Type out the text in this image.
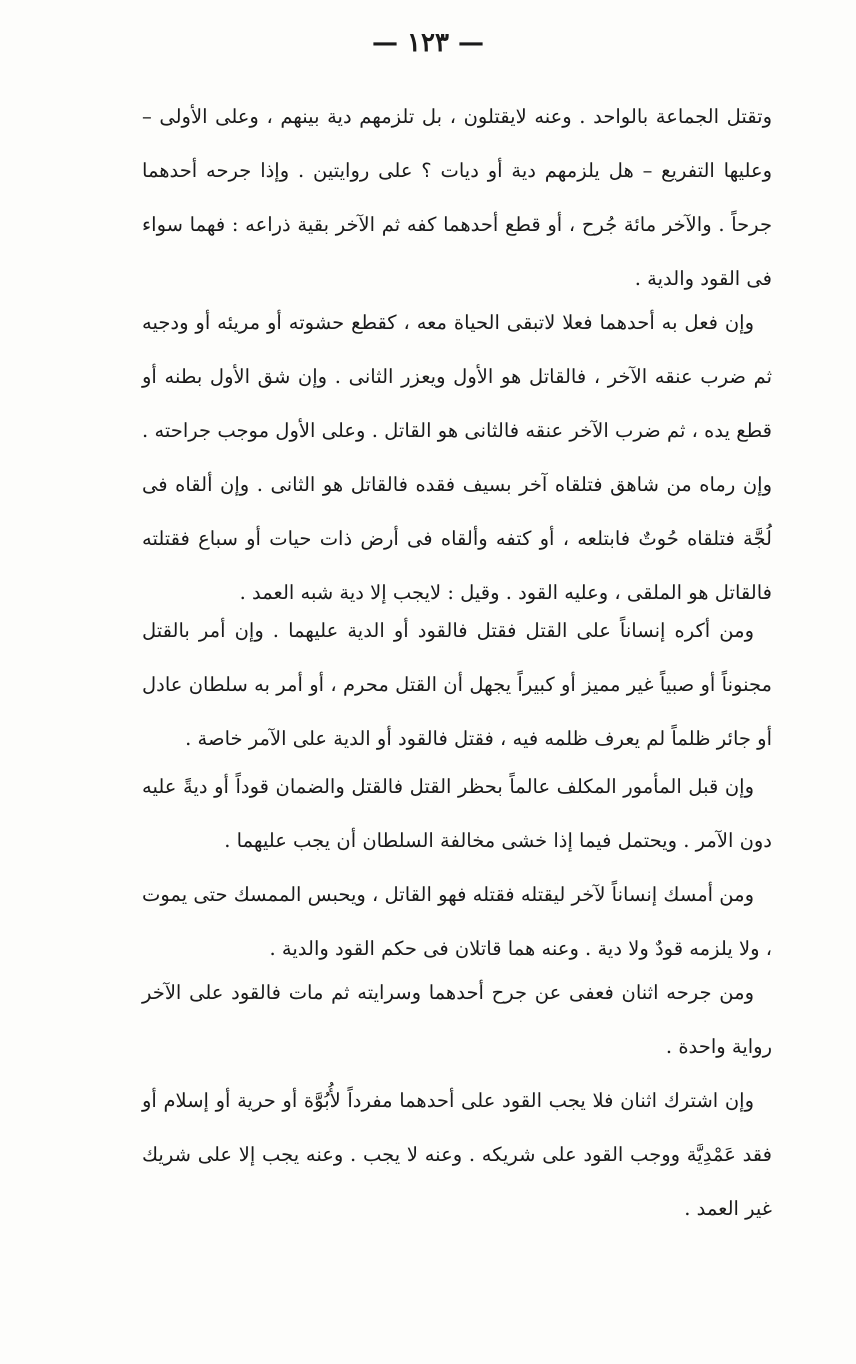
— ١٢٣ —

وتقتل الجماعة بالواحد . وعنه لايقتلون ، بل تلزمهم دية بينهم ، وعلى الأولى – وعليها التفريع – هل يلزمهم دية أو ديات ؟ على روايتين . وإذا جرحه أحدهما جرحاً . والآخر مائة جُرح ، أو قطع أحدهما كفه ثم الآخر بقية ذراعه : فهما سواء فى القود والدية .

وإن فعل به أحدهما فعلا لاتبقى الحياة معه ، كقطع حشوته أو مريئه أو ودجيه ثم ضرب عنقه الآخر ، فالقاتل هو الأول ويعزر الثانى . وإن شق الأول بطنه أو قطع يده ، ثم ضرب الآخر عنقه فالثانى هو القاتل . وعلى الأول موجب جراحته . وإن رماه من شاهق فتلقاه آخر بسيف فقده فالقاتل هو الثانى . وإن ألقاه فى لُجَّة فتلقاه حُوتٌ فابتلعه ، أو كتفه وألقاه فى أرض ذات حيات أو سباع فقتلته فالقاتل هو الملقى ، وعليه القود . وقيل : لايجب إلا دية شبه العمد .

ومن أكره إنساناً على القتل فقتل فالقود أو الدية عليهما . وإن أمر بالقتل مجنوناً أو صبياً غير مميز أو كبيراً يجهل أن القتل محرم ، أو أمر به سلطان عادل أو جائر ظلماً لم يعرف ظلمه فيه ، فقتل فالقود أو الدية على الآمر خاصة .

وإن قبل المأمور المكلف عالماً بحظر القتل فالقتل والضمان قوداً أو ديةً عليه دون الآمر . ويحتمل فيما إذا خشى مخالفة السلطان أن يجب عليهما .

ومن أمسك إنساناً لآخر ليقتله فقتله فهو القاتل ، ويحبس الممسك حتى يموت ، ولا يلزمه قودٌ ولا دية . وعنه هما قاتلان فى حكم القود والدية .

ومن جرحه اثنان فعفى عن جرح أحدهما وسرايته ثم مات فالقود على الآخر رواية واحدة .

وإن اشترك اثنان فلا يجب القود على أحدهما مفرداً لأُبُوَّة أو حرية أو إسلام أو فقد عَمْدِيَّة ووجب القود على شريكه . وعنه لا يجب . وعنه يجب إلا على شريك غير العمد .
